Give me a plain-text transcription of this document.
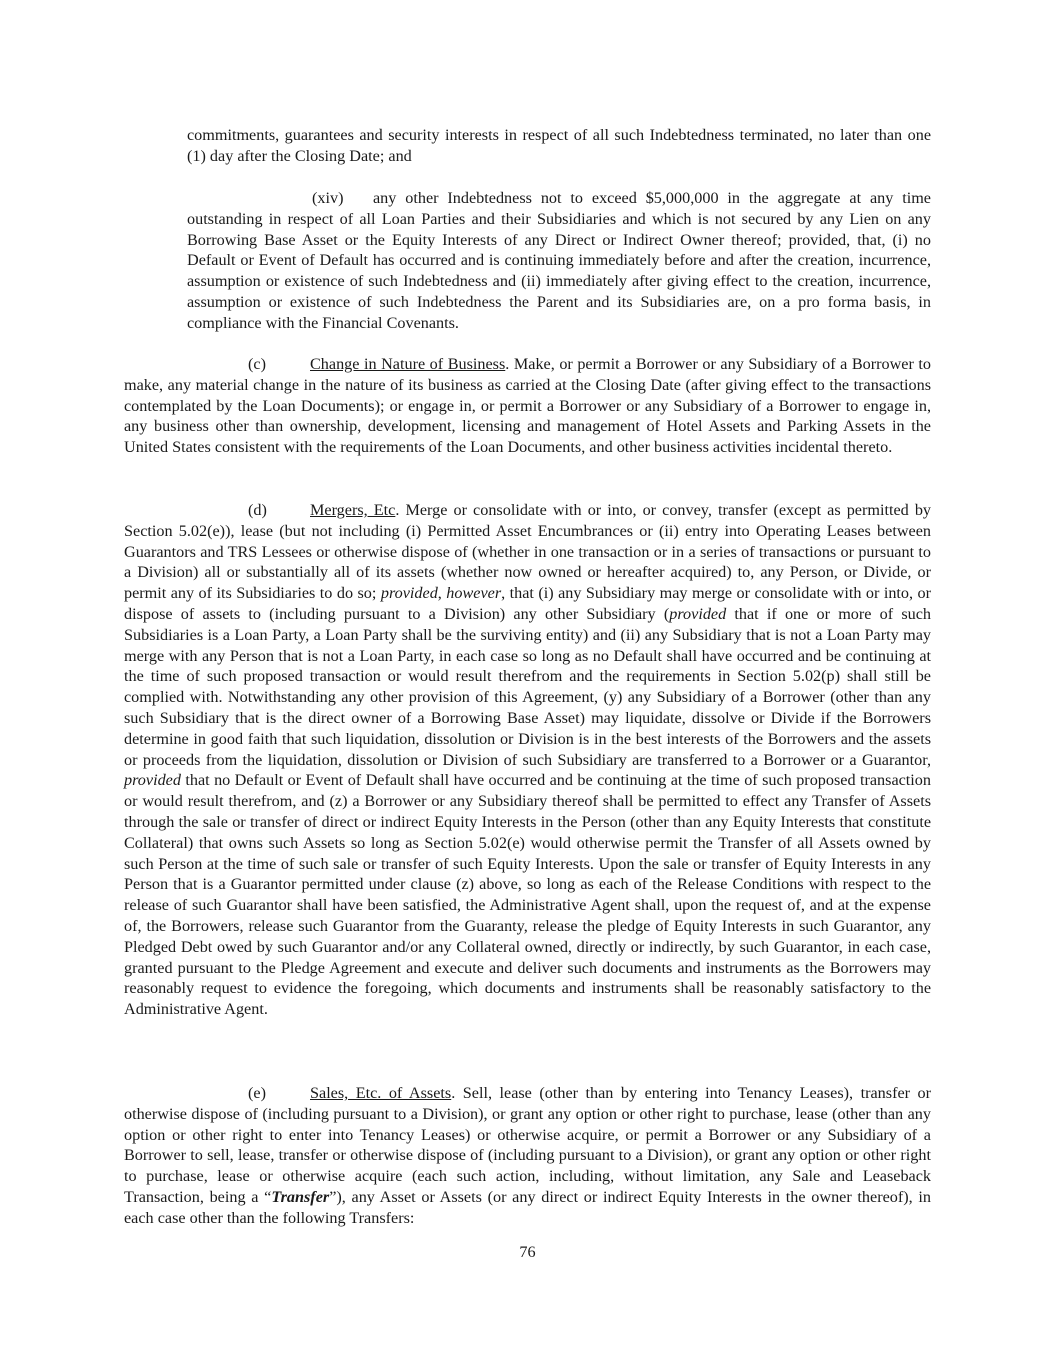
commitments, guarantees and security interests in respect of all such Indebtedness terminated, no later than one (1) day after the Closing Date; and

(xiv) any other Indebtedness not to exceed $5,000,000 in the aggregate at any time outstanding in respect of all Loan Parties and their Subsidiaries and which is not secured by any Lien on any Borrowing Base Asset or the Equity Interests of any Direct or Indirect Owner thereof; provided, that, (i) no Default or Event of Default has occurred and is continuing immediately before and after the creation, incurrence, assumption or existence of such Indebtedness and (ii) immediately after giving effect to the creation, incurrence, assumption or existence of such Indebtedness the Parent and its Subsidiaries are, on a pro forma basis, in compliance with the Financial Covenants.

(c)	Change in Nature of Business. Make, or permit a Borrower or any Subsidiary of a Borrower to make, any material change in the nature of its business as carried at the Closing Date (after giving effect to the transactions contemplated by the Loan Documents); or engage in, or permit a Borrower or any Subsidiary of a Borrower to engage in, any business other than ownership, development, licensing and management of Hotel Assets and Parking Assets in the United States consistent with the requirements of the Loan Documents, and other business activities incidental thereto.

(d)	Mergers, Etc. Merge or consolidate with or into, or convey, transfer (except as permitted by Section 5.02(e)), lease (but not including (i) Permitted Asset Encumbrances or (ii) entry into Operating Leases between Guarantors and TRS Lessees or otherwise dispose of (whether in one transaction or in a series of transactions or pursuant to a Division) all or substantially all of its assets (whether now owned or hereafter acquired) to, any Person, or Divide, or permit any of its Subsidiaries to do so; provided, however, that (i) any Subsidiary may merge or consolidate with or into, or dispose of assets to (including pursuant to a Division) any other Subsidiary (provided that if one or more of such Subsidiaries is a Loan Party, a Loan Party shall be the surviving entity) and (ii) any Subsidiary that is not a Loan Party may merge with any Person that is not a Loan Party, in each case so long as no Default shall have occurred and be continuing at the time of such proposed transaction or would result therefrom and the requirements in Section 5.02(p) shall still be complied with. Notwithstanding any other provision of this Agreement, (y) any Subsidiary of a Borrower (other than any such Subsidiary that is the direct owner of a Borrowing Base Asset) may liquidate, dissolve or Divide if the Borrowers determine in good faith that such liquidation, dissolution or Division is in the best interests of the Borrowers and the assets or proceeds from the liquidation, dissolution or Division of such Subsidiary are transferred to a Borrower or a Guarantor, provided that no Default or Event of Default shall have occurred and be continuing at the time of such proposed transaction or would result therefrom, and (z) a Borrower or any Subsidiary thereof shall be permitted to effect any Transfer of Assets through the sale or transfer of direct or indirect Equity Interests in the Person (other than any Equity Interests that constitute Collateral) that owns such Assets so long as Section 5.02(e) would otherwise permit the Transfer of all Assets owned by such Person at the time of such sale or transfer of such Equity Interests. Upon the sale or transfer of Equity Interests in any Person that is a Guarantor permitted under clause (z) above, so long as each of the Release Conditions with respect to the release of such Guarantor shall have been satisfied, the Administrative Agent shall, upon the request of, and at the expense of, the Borrowers, release such Guarantor from the Guaranty, release the pledge of Equity Interests in such Guarantor, any Pledged Debt owed by such Guarantor and/or any Collateral owned, directly or indirectly, by such Guarantor, in each case, granted pursuant to the Pledge Agreement and execute and deliver such documents and instruments as the Borrowers may reasonably request to evidence the foregoing, which documents and instruments shall be reasonably satisfactory to the Administrative Agent.

(e)	Sales, Etc. of Assets. Sell, lease (other than by entering into Tenancy Leases), transfer or otherwise dispose of (including pursuant to a Division), or grant any option or other right to purchase, lease (other than any option or other right to enter into Tenancy Leases) or otherwise acquire, or permit a Borrower or any Subsidiary of a Borrower to sell, lease, transfer or otherwise dispose of (including pursuant to a Division), or grant any option or other right to purchase, lease or otherwise acquire (each such action, including, without limitation, any Sale and Leaseback Transaction, being a “Transfer”), any Asset or Assets (or any direct or indirect Equity Interests in the owner thereof), in each case other than the following Transfers:

76
